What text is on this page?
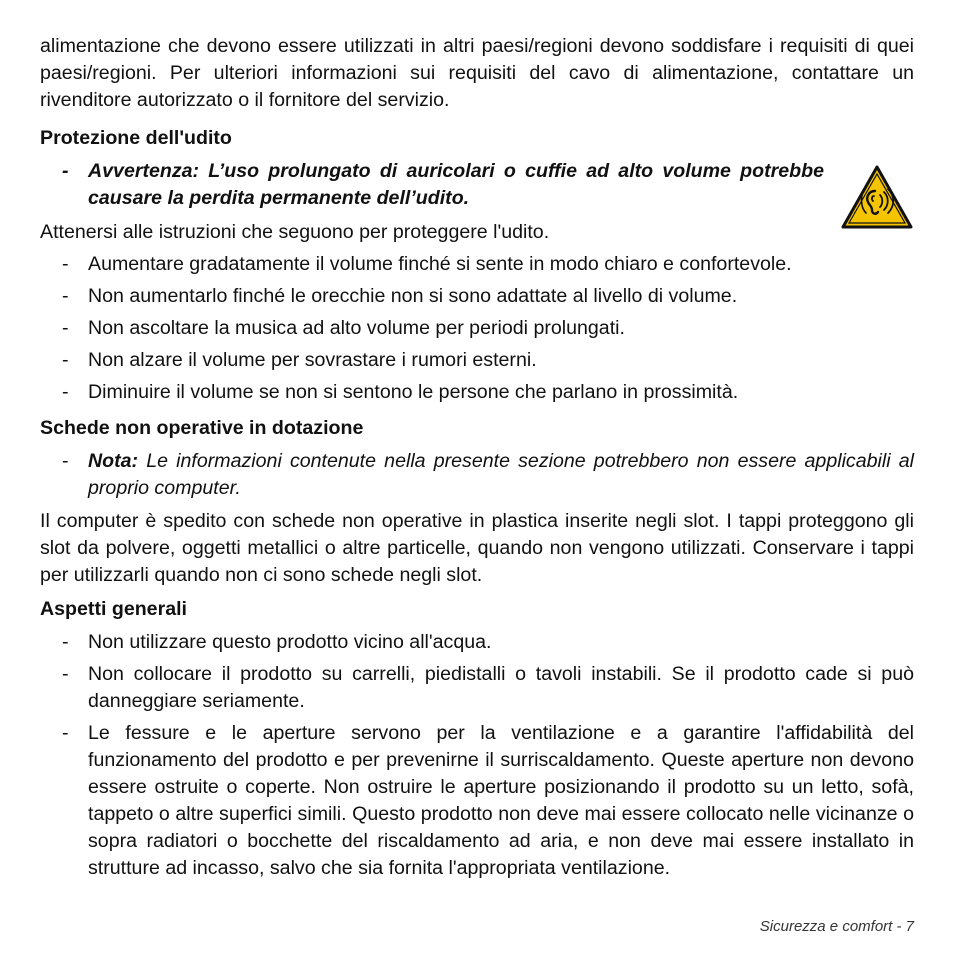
alimentazione che devono essere utilizzati in altri paesi/regioni devono soddisfare i requisiti di quei paesi/regioni. Per ulteriori informazioni sui requisiti del cavo di alimentazione, contattare un rivenditore autorizzato o il fornitore del servizio.

Protezione dell'udito
- Avvertenza: L’uso prolungato di auricolari o cuffie ad alto volume potrebbe causare la perdita permanente dell’udito.
Attenersi alle istruzioni che seguono per proteggere l'udito.
- Aumentare gradatamente il volume finché si sente in modo chiaro e confortevole.
- Non aumentarlo finché le orecchie non si sono adattate al livello di volume.
- Non ascoltare la musica ad alto volume per periodi prolungati.
- Non alzare il volume per sovrastare i rumori esterni.
- Diminuire il volume se non si sentono le persone che parlano in prossimità.
Schede non operative in dotazione
- Nota: Le informazioni contenute nella presente sezione potrebbero non essere applicabili al proprio computer.

Il computer è spedito con schede non operative in plastica inserite negli slot. I tappi proteggono gli slot da polvere, oggetti metallici o altre particelle, quando non vengono utilizzati. Conservare i tappi per utilizzarli quando non ci sono schede negli slot.

Aspetti generali
- Non utilizzare questo prodotto vicino all'acqua.
- Non collocare il prodotto su carrelli, piedistalli o tavoli instabili. Se il prodotto cade si può danneggiare seriamente.
- Le fessure e le aperture servono per la ventilazione e a garantire l'affidabilità del funzionamento del prodotto e per prevenirne il surriscaldamento. Queste aperture non devono essere ostruite o coperte. Non ostruire le aperture posizionando il prodotto su un letto, sofà, tappeto o altre superfici simili. Questo prodotto non deve mai essere collocato nelle vicinanze o sopra radiatori o bocchette del riscaldamento ad aria, e non deve mai essere installato in strutture ad incasso, salvo che sia fornita l'appropriata ventilazione.
Sicurezza e comfort - 7
